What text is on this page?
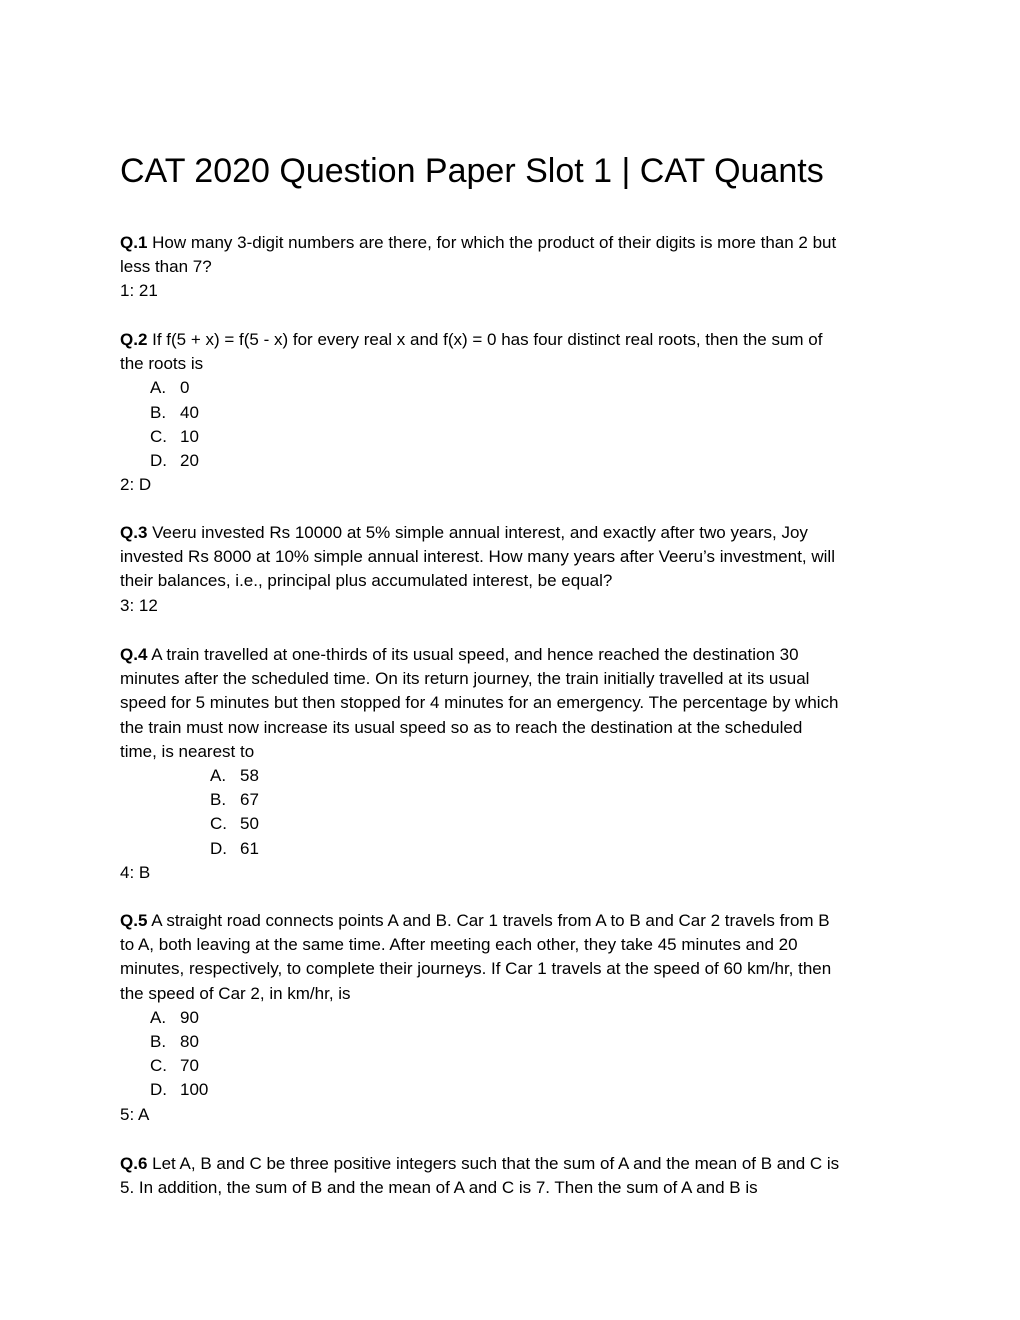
CAT 2020 Question Paper Slot 1 | CAT Quants
Q.1 How many 3-digit numbers are there, for which the product of their digits is more than 2 but
less than 7?
1: 21
Q.2 If f(5 + x) = f(5 - x) for every real x and f(x) = 0 has four distinct real roots, then the sum of
the roots is
A. 0
B. 40
C. 10
D. 20
2: D
Q.3 Veeru invested Rs 10000 at 5% simple annual interest, and exactly after two years, Joy
invested Rs 8000 at 10% simple annual interest. How many years after Veeru’s investment, will
their balances, i.e., principal plus accumulated interest, be equal?
3: 12
Q.4 A train travelled at one-thirds of its usual speed, and hence reached the destination 30
minutes after the scheduled time. On its return journey, the train initially travelled at its usual
speed for 5 minutes but then stopped for 4 minutes for an emergency. The percentage by which
the train must now increase its usual speed so as to reach the destination at the scheduled
time, is nearest to
A. 58
B. 67
C. 50
D. 61
4: B
Q.5 A straight road connects points A and B. Car 1 travels from A to B and Car 2 travels from B
to A, both leaving at the same time. After meeting each other, they take 45 minutes and 20
minutes, respectively, to complete their journeys. If Car 1 travels at the speed of 60 km/hr, then
the speed of Car 2, in km/hr, is
A. 90
B. 80
C. 70
D. 100
5: A
Q.6 Let A, B and C be three positive integers such that the sum of A and the mean of B and C is
5. In addition, the sum of B and the mean of A and C is 7. Then the sum of A and B is
